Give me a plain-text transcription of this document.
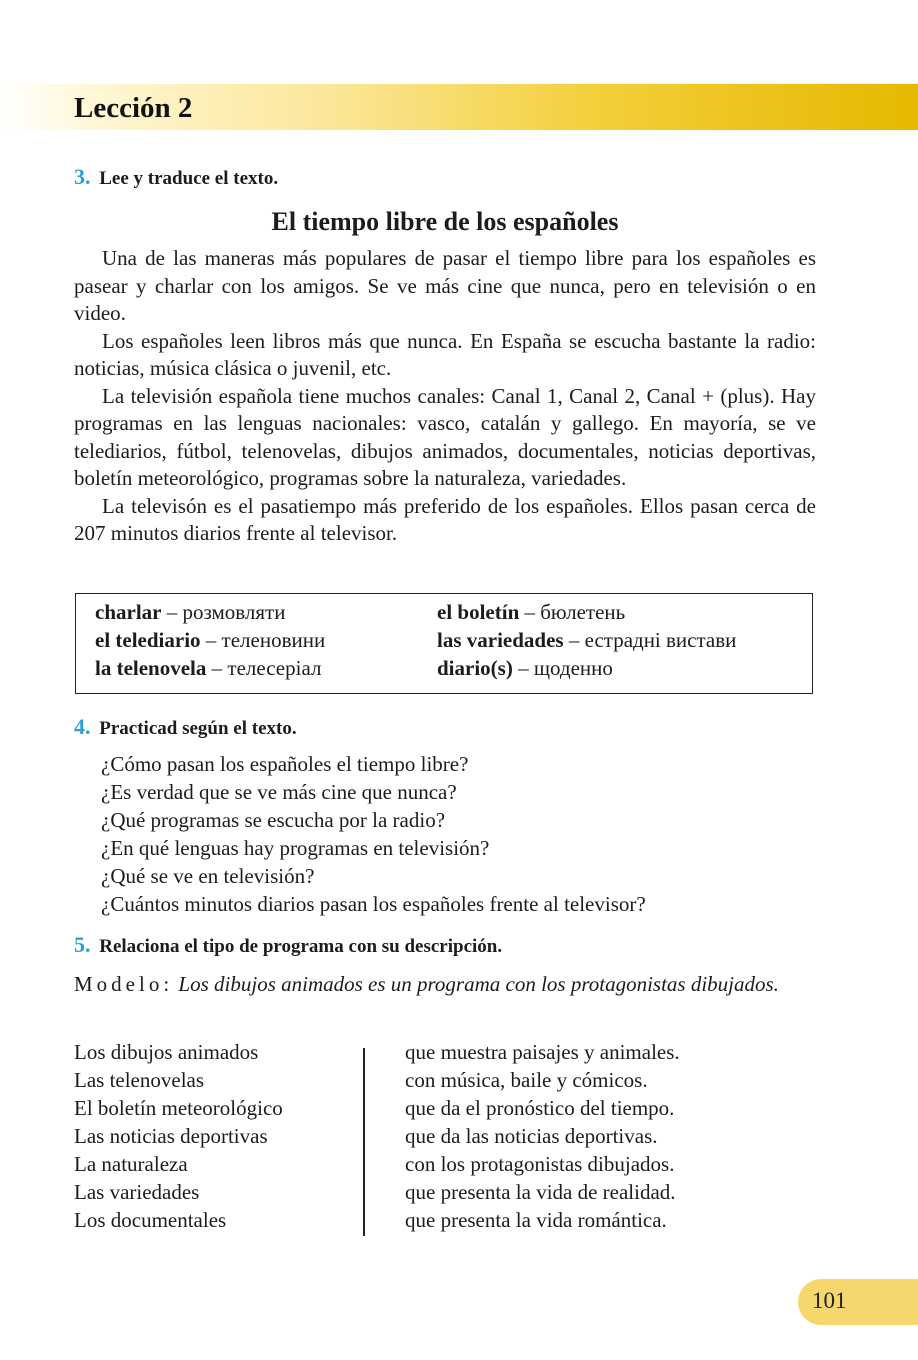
Lección 2
3. Lee y traduce el texto.
El tiempo libre de los españoles

Una de las maneras más populares de pasar el tiempo libre para los españoles es pasear y charlar con los amigos. Se ve más cine que nunca, pero en televisión o en video.

Los españoles leen libros más que nunca. En España se escucha bastante la radio: noticias, música clásica o juvenil, etc.

La televisión española tiene muchos canales: Canal 1, Canal 2, Canal + (plus). Hay programas en las lenguas nacionales: vasco, catalán y gallego. En mayoría, se ve telediarios, fútbol, telenovelas, dibujos animados, documentales, noticias deportivas, boletín meteorológico, programas sobre la naturaleza, variedades.

La televisón es el pasatiempo más preferido de los españoles. Ellos pasan cerca de 207 minutos diarios frente al televisor.

charlar – розмовляти
el telediario – теленовини
la telenovela – телесеріал
el boletín – бюлетень
las variedades – естрадні вистави
diario(s) – щоденно
4. Practicad según el texto.
¿Cómo pasan los españoles el tiempo libre?
¿Es verdad que se ve más cine que nunca?
¿Qué programas se escucha por la radio?
¿En qué lenguas hay programas en televisión?
¿Qué se ve en televisión?
¿Cuántos minutos diarios pasan los españoles frente al televisor?
5. Relaciona el tipo de programa con su descripción.
Modelo: Los dibujos animados es un programa con los protagonistas dibujados.
Los dibujos animados
Las telenovelas
El boletín meteorológico
Las noticias deportivas
La naturaleza
Las variedades
Los documentales
que muestra paisajes y animales.
con música, baile y cómicos.
que da el pronóstico del tiempo.
que da las noticias deportivas.
con los protagonistas dibujados.
que presenta la vida de realidad.
que presenta la vida romántica.
101
